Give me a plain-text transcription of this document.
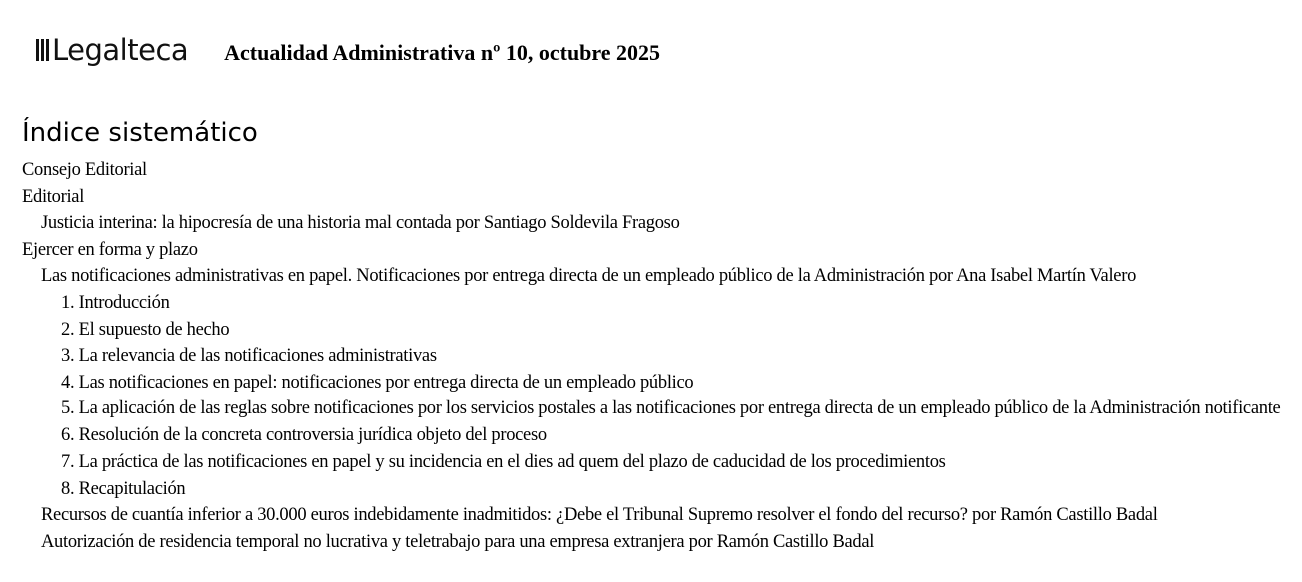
Legalteca Actualidad Administrativa nº 10, octubre 2025
Índice sistemático
Consejo Editorial
Editorial
Justicia interina: la hipocresía de una historia mal contada por Santiago Soldevila Fragoso
Ejercer en forma y plazo
Las notificaciones administrativas en papel. Notificaciones por entrega directa de un empleado público de la Administración por Ana Isabel Martín Valero
1. Introducción
2. El supuesto de hecho
3. La relevancia de las notificaciones administrativas
4. Las notificaciones en papel: notificaciones por entrega directa de un empleado público
5. La aplicación de las reglas sobre notificaciones por los servicios postales a las notificaciones por entrega directa de un empleado público de la Administración notificante
6. Resolución de la concreta controversia jurídica objeto del proceso
7. La práctica de las notificaciones en papel y su incidencia en el dies ad quem del plazo de caducidad de los procedimientos
8. Recapitulación
Recursos de cuantía inferior a 30.000 euros indebidamente inadmitidos: ¿Debe el Tribunal Supremo resolver el fondo del recurso? por Ramón Castillo Badal
Autorización de residencia temporal no lucrativa y teletrabajo para una empresa extranjera por Ramón Castillo Badal
